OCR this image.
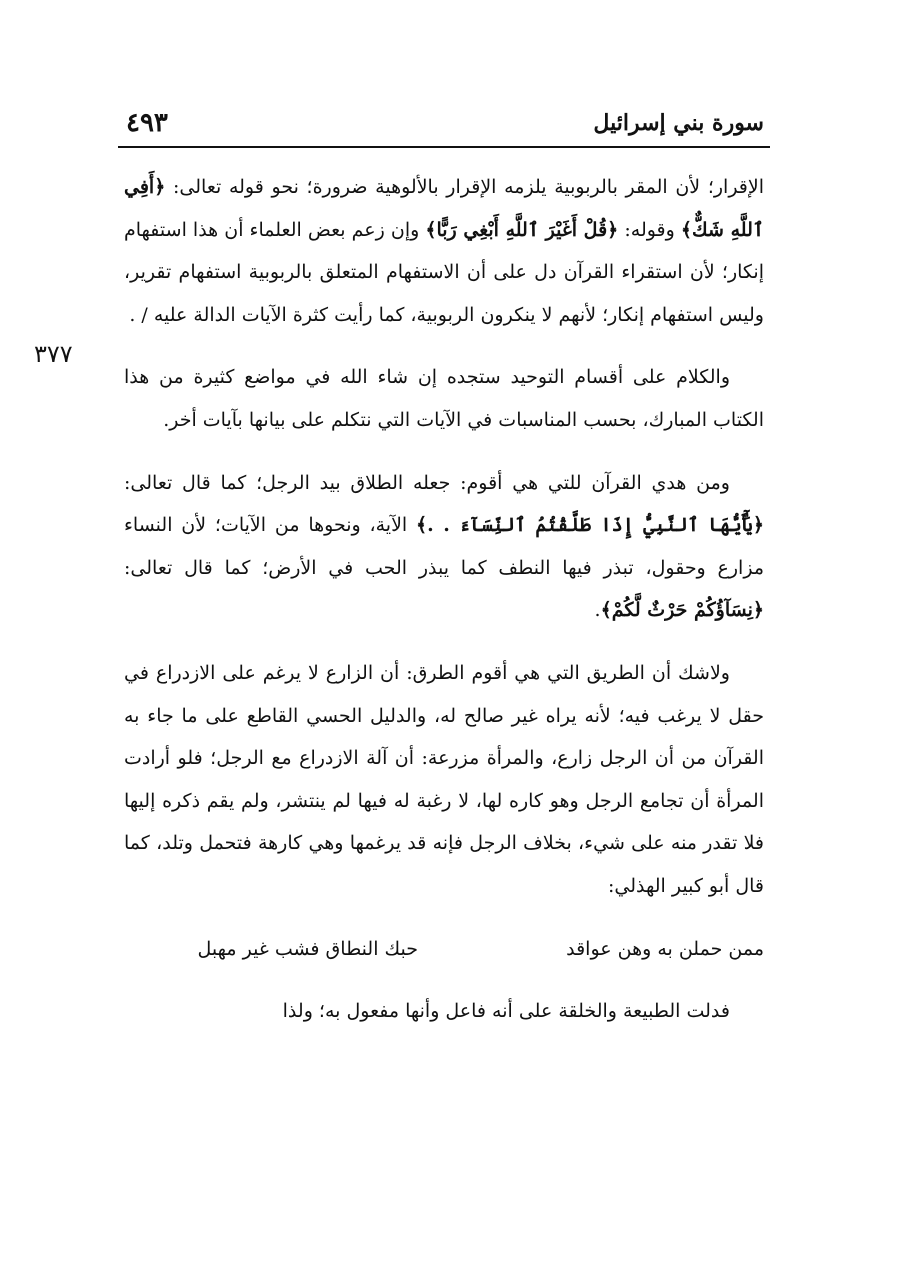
سورة بني إسرائيل
٤٩٣
٣٧٧

الإقرار؛ لأن المقر بالربوبية يلزمه الإقرار بالألوهية ضرورة؛ نحو قوله تعالى: ﴿أَفِي ٱللَّهِ شَكٌّ﴾ وقوله: ﴿قُلْ أَغَيْرَ ٱللَّهِ أَبْغِي رَبًّا﴾ وإن زعم بعض العلماء أن هذا استفهام إنكار؛ لأن استقراء القرآن دل على أن الاستفهام المتعلق بالربوبية استفهام تقرير، وليس استفهام إنكار؛ لأنهم لا ينكرون الربوبية، كما رأيت كثرة الآيات الدالة عليه / .

والكلام على أقسام التوحيد ستجده إن شاء الله في مواضع كثيرة من هذا الكتاب المبارك، بحسب المناسبات في الآيات التي نتكلم على بيانها بآيات أخر.

ومن هدي القرآن للتي هي أقوم: جعله الطلاق بيد الرجل؛ كما قال تعالى: ﴿يَٰٓأَيُّهَا ٱلنَّبِيُّ إِذَا طَلَّقْتُمُ ٱلنِّسَآءَ . .﴾ الآية، ونحوها من الآيات؛ لأن النساء مزارع وحقول، تبذر فيها النطف كما يبذر الحب في الأرض؛ كما قال تعالى: ﴿نِسَآؤُكُمْ حَرْثٌ لَّكُمْ﴾.

ولاشك أن الطريق التي هي أقوم الطرق: أن الزارع لا يرغم على الازدراع في حقل لا يرغب فيه؛ لأنه يراه غير صالح له، والدليل الحسي القاطع على ما جاء به القرآن من أن الرجل زارع، والمرأة مزرعة: أن آلة الازدراع مع الرجل؛ فلو أرادت المرأة أن تجامع الرجل وهو كاره لها، لا رغبة له فيها لم ينتشر، ولم يقم ذكره إليها فلا تقدر منه على شيء، بخلاف الرجل فإنه قد يرغمها وهي كارهة فتحمل وتلد، كما قال أبو كبير الهذلي:

ممن حملن به وهن عواقد
حبك النطاق فشب غير مهبل

فدلت الطبيعة والخلقة على أنه فاعل وأنها مفعول به؛ ولذا
